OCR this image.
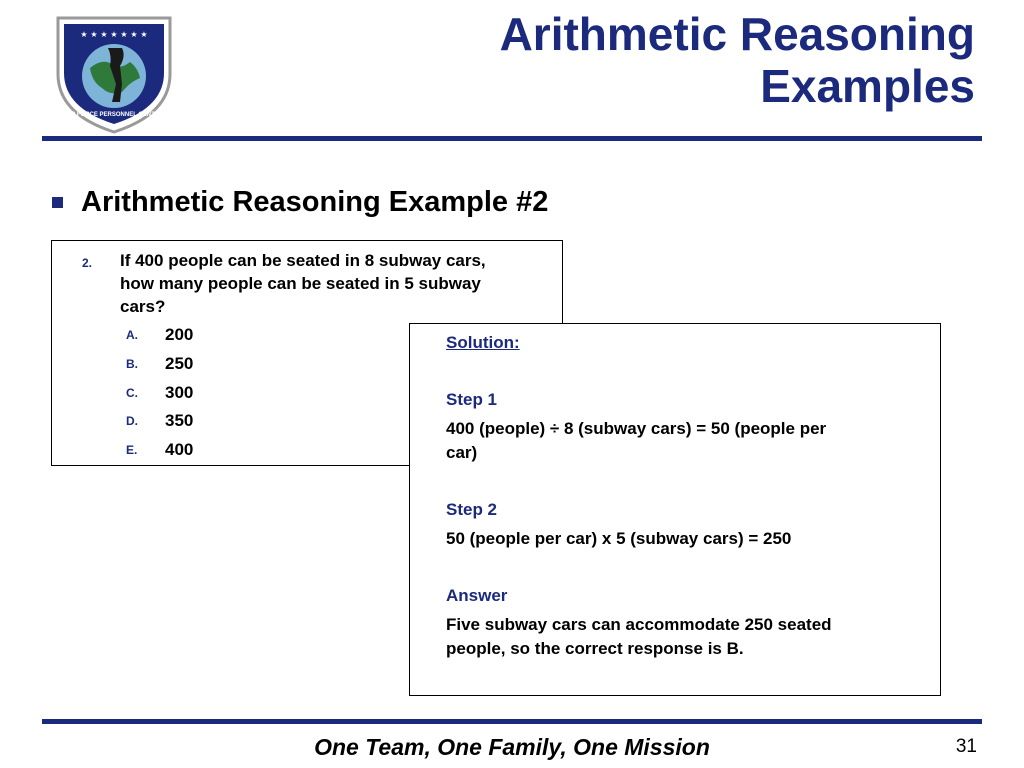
★ ★ ★ ★ ★ ★ ★
AIR FORCE PERSONNEL CENTER
Arithmetic Reasoning
Examples
Arithmetic Reasoning Example #2
2. If 400 people can be seated in 8 subway cars,
how many people can be seated in 5 subway
cars?
A.	200
B.	250
C.	300
D.	350
E.	400
Solution:
Step 1
400 (people) ÷ 8 (subway cars) = 50 (people per
car)
Step 2
50 (people per car) x 5 (subway cars) = 250
Answer
Five subway cars can accommodate 250 seated
people, so the correct response is B.
One Team, One Family, One Mission	31
